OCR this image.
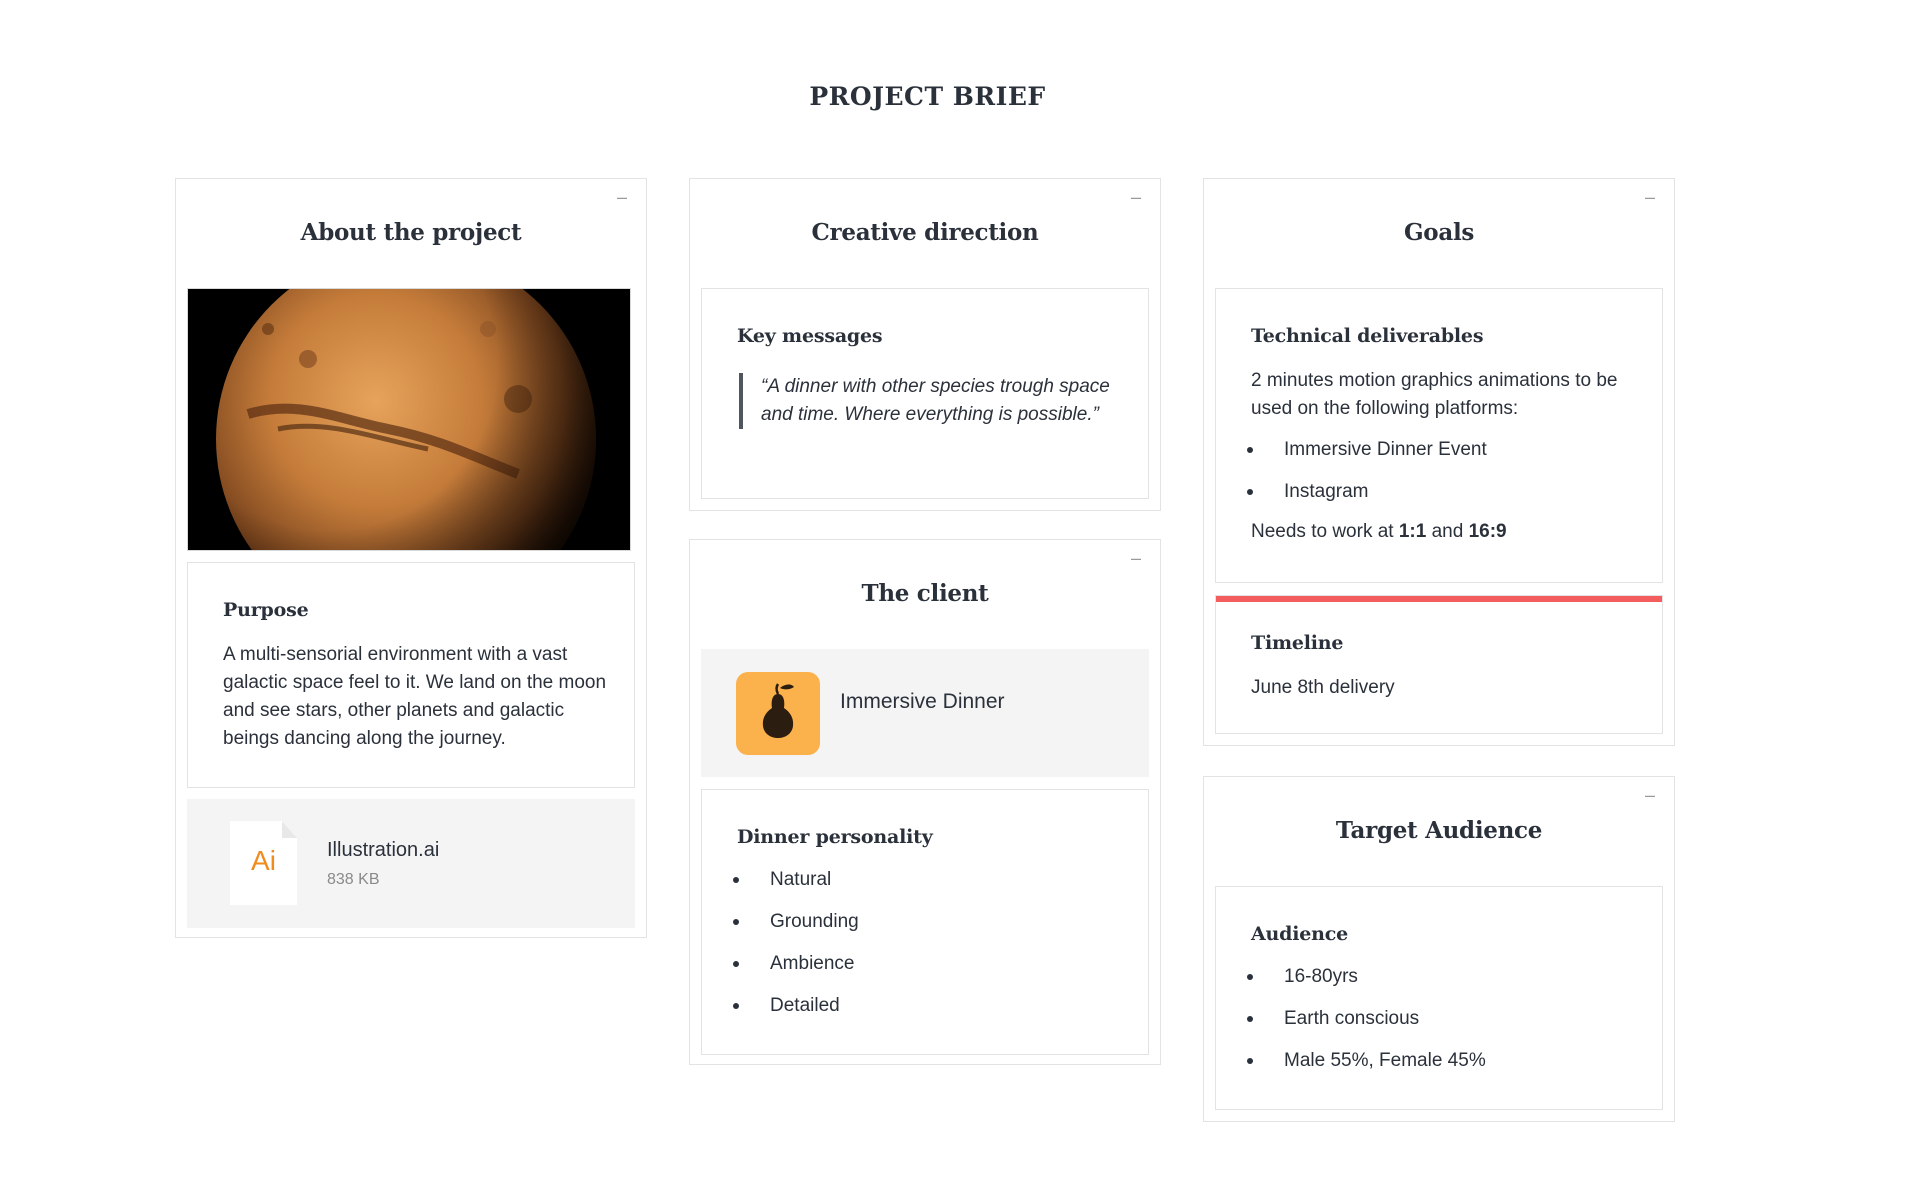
PROJECT BRIEF
About the project
–
Purpose
A multi-sensorial environment with a vast galactic space feel to it. We land on the moon and see stars, other planets and galactic beings dancing along the journey.
Ai	Illustration.ai
838 KB
Creative direction
–
Key messages
“A dinner with other species trough space and time. Where everything is possible.”
The client
–
Immersive Dinner
Dinner personality
Natural
Grounding
Ambience
Detailed
Goals
–
Technical deliverables
2 minutes motion graphics animations to be used on the following platforms:
Immersive Dinner Event
Instagram
Needs to work at 1:1 and 16:9
Timeline
June 8th delivery
Target Audience
–
Audience
16-80yrs
Earth conscious
Male 55%, Female 45%
